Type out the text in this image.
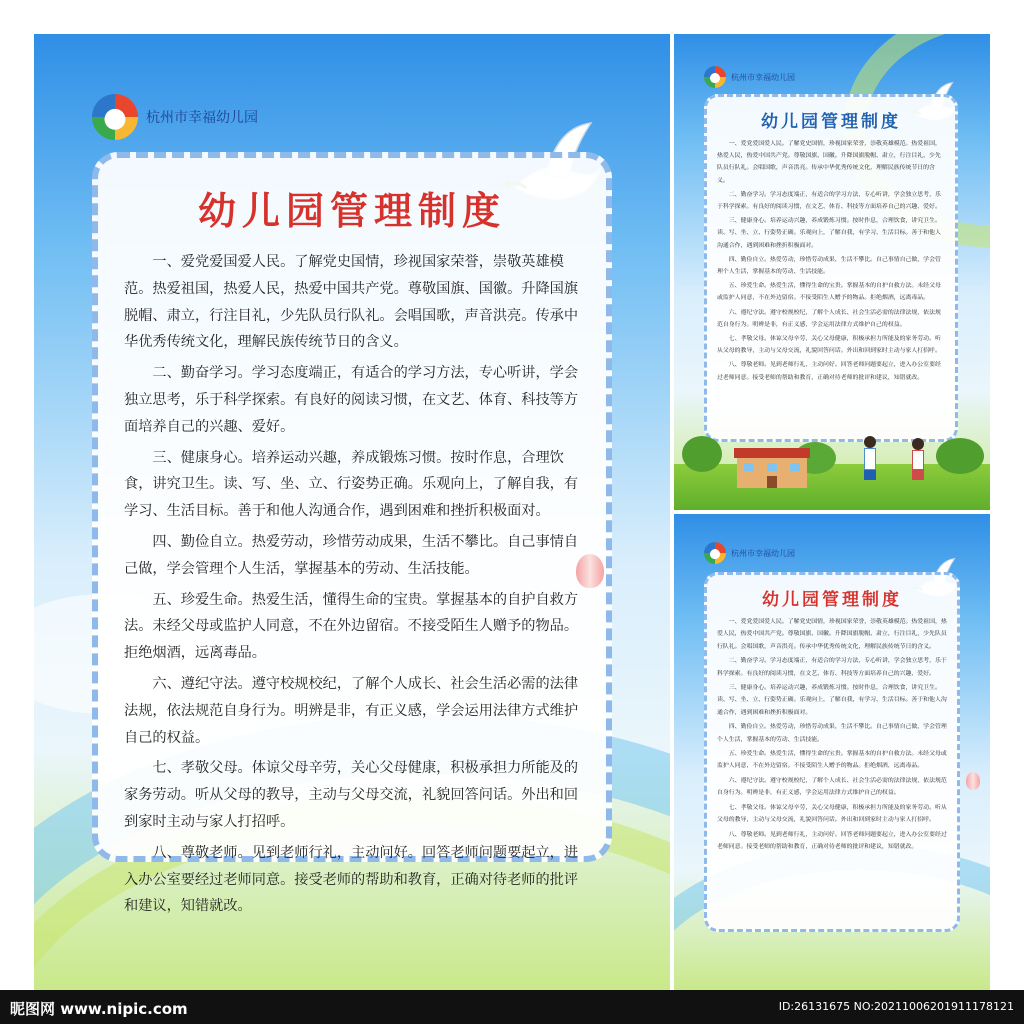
杭州市幸福幼儿园
幼儿园管理制度

一、爱党爱国爱人民。了解党史国情，珍视国家荣誉，崇敬英雄模范。热爱祖国，热爱人民，热爱中国共产党。尊敬国旗、国徽。升降国旗脱帽、肃立，行注目礼，少先队员行队礼。会唱国歌，声音洪亮。传承中华优秀传统文化，理解民族传统节日的含义。

二、勤奋学习。学习态度端正，有适合的学习方法，专心听讲，学会独立思考，乐于科学探索。有良好的阅读习惯，在文艺、体育、科技等方面培养自己的兴趣、爱好。

三、健康身心。培养运动兴趣，养成锻炼习惯。按时作息，合理饮食，讲究卫生。读、写、坐、立、行姿势正确。乐观向上，了解自我，有学习、生活目标。善于和他人沟通合作，遇到困难和挫折积极面对。

四、勤俭自立。热爱劳动，珍惜劳动成果，生活不攀比。自己事情自己做，学会管理个人生活，掌握基本的劳动、生活技能。

五、珍爱生命。热爱生活，懂得生命的宝贵。掌握基本的自护自救方法。未经父母或监护人同意，不在外边留宿。不接受陌生人赠予的物品。拒绝烟酒，远离毒品。

六、遵纪守法。遵守校规校纪，了解个人成长、社会生活必需的法律法规，依法规范自身行为。明辨是非，有正义感，学会运用法律方式维护自己的权益。

七、孝敬父母。体谅父母辛劳，关心父母健康，积极承担力所能及的家务劳动。听从父母的教导，主动与父母交流，礼貌回答问话。外出和回到家时主动与家人打招呼。

八、尊敬老师。见到老师行礼，主动问好。回答老师问题要起立，进入办公室要经过老师同意。接受老师的帮助和教育，正确对待老师的批评和建议，知错就改。

杭州市幸福幼儿园
幼儿园管理制度

一、爱党爱国爱人民。了解党史国情，珍视国家荣誉，崇敬英雄模范。热爱祖国，热爱人民，热爱中国共产党。尊敬国旗、国徽。升降国旗脱帽、肃立，行注目礼，少先队员行队礼。会唱国歌，声音洪亮。传承中华优秀传统文化，理解民族传统节日的含义。

二、勤奋学习。学习态度端正，有适合的学习方法，专心听讲，学会独立思考，乐于科学探索。有良好的阅读习惯，在文艺、体育、科技等方面培养自己的兴趣、爱好。

三、健康身心。培养运动兴趣，养成锻炼习惯。按时作息，合理饮食，讲究卫生。读、写、坐、立、行姿势正确。乐观向上，了解自我，有学习、生活目标。善于和他人沟通合作，遇到困难和挫折积极面对。

四、勤俭自立。热爱劳动，珍惜劳动成果，生活不攀比。自己事情自己做，学会管理个人生活，掌握基本的劳动、生活技能。

五、珍爱生命。热爱生活，懂得生命的宝贵。掌握基本的自护自救方法。未经父母或监护人同意，不在外边留宿。不接受陌生人赠予的物品。拒绝烟酒，远离毒品。

六、遵纪守法。遵守校规校纪，了解个人成长、社会生活必需的法律法规，依法规范自身行为。明辨是非，有正义感，学会运用法律方式维护自己的权益。

七、孝敬父母。体谅父母辛劳，关心父母健康，积极承担力所能及的家务劳动。听从父母的教导，主动与父母交流，礼貌回答问话。外出和回到家时主动与家人打招呼。

八、尊敬老师。见到老师行礼，主动问好。回答老师问题要起立，进入办公室要经过老师同意。接受老师的帮助和教育，正确对待老师的批评和建议，知错就改。

杭州市幸福幼儿园
幼儿园管理制度

一、爱党爱国爱人民。了解党史国情，珍视国家荣誉，崇敬英雄模范。热爱祖国，热爱人民，热爱中国共产党。尊敬国旗、国徽。升降国旗脱帽、肃立，行注目礼，少先队员行队礼。会唱国歌，声音洪亮。传承中华优秀传统文化，理解民族传统节日的含义。

二、勤奋学习。学习态度端正，有适合的学习方法，专心听讲，学会独立思考，乐于科学探索。有良好的阅读习惯，在文艺、体育、科技等方面培养自己的兴趣、爱好。

三、健康身心。培养运动兴趣，养成锻炼习惯。按时作息，合理饮食，讲究卫生。读、写、坐、立、行姿势正确。乐观向上，了解自我，有学习、生活目标。善于和他人沟通合作，遇到困难和挫折积极面对。

四、勤俭自立。热爱劳动，珍惜劳动成果，生活不攀比。自己事情自己做，学会管理个人生活，掌握基本的劳动、生活技能。

五、珍爱生命。热爱生活，懂得生命的宝贵。掌握基本的自护自救方法。未经父母或监护人同意，不在外边留宿。不接受陌生人赠予的物品。拒绝烟酒，远离毒品。

六、遵纪守法。遵守校规校纪，了解个人成长、社会生活必需的法律法规，依法规范自身行为。明辨是非，有正义感，学会运用法律方式维护自己的权益。

七、孝敬父母。体谅父母辛劳，关心父母健康，积极承担力所能及的家务劳动。听从父母的教导，主动与父母交流，礼貌回答问话。外出和回到家时主动与家人打招呼。

八、尊敬老师。见到老师行礼，主动问好。回答老师问题要起立，进入办公室要经过老师同意。接受老师的帮助和教育，正确对待老师的批评和建议，知错就改。

昵图网 www.nipic.com	ID:26131675 NO:20211006201911178121
